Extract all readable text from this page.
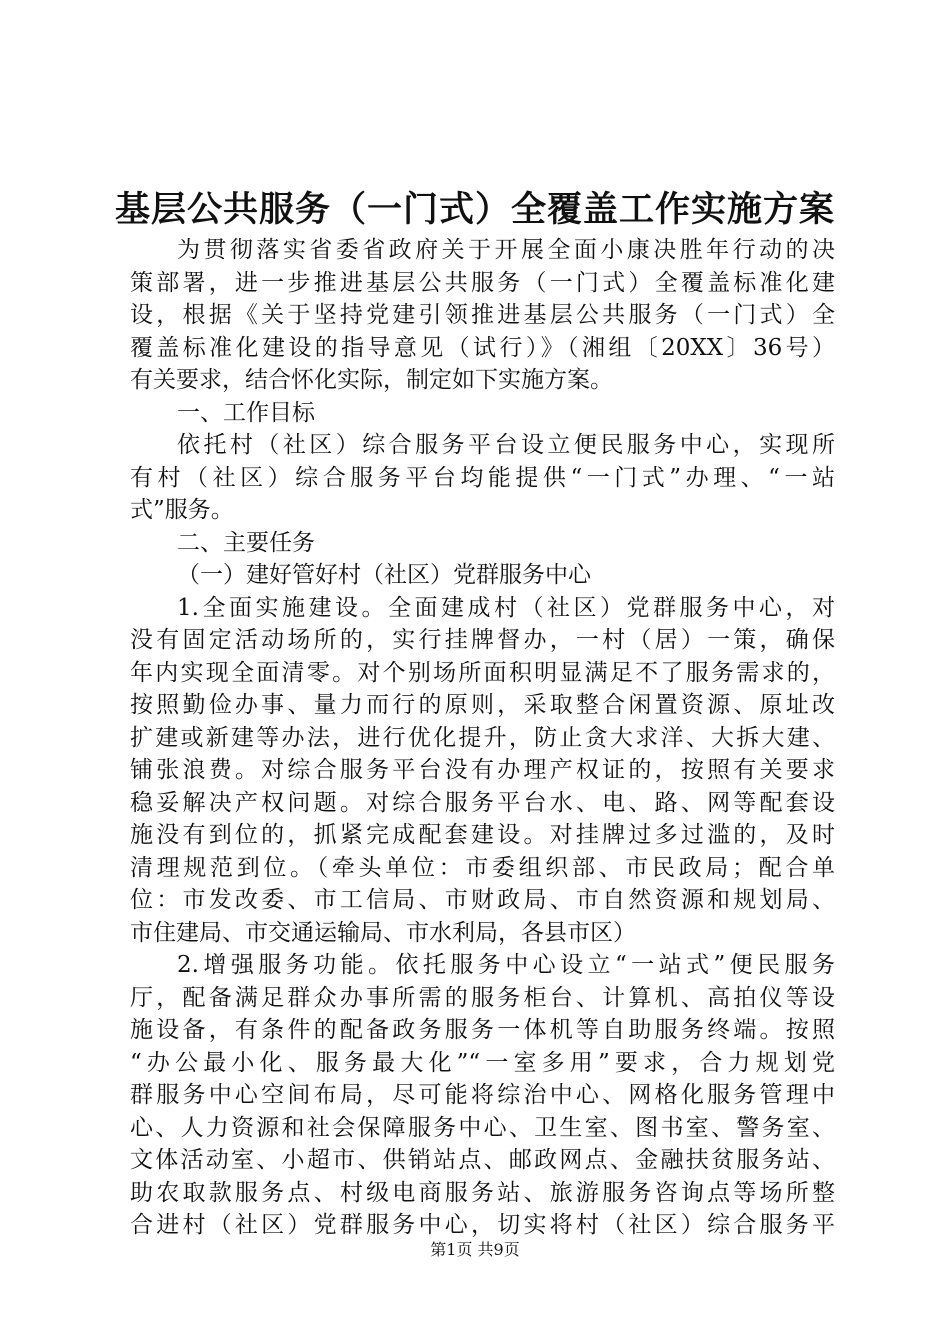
基层公共服务（一门式）全覆盖工作实施方案
为贯彻落实省委省政府关于开展全面小康决胜年行动的决
策部署，进一步推进基层公共服务（一门式）全覆盖标准化建
设，根据《关于坚持党建引领推进基层公共服务（一门式）全
覆盖标准化建设的指导意见（试行）》（湘组〔20XX〕36号）
有关要求，结合怀化实际，制定如下实施方案。
一、工作目标
依托村（社区）综合服务平台设立便民服务中心，实现所
有村（社区）综合服务平台均能提供“一门式”办理、“一站
式”服务。
二、主要任务
（一）建好管好村（社区）党群服务中心
1.全面实施建设。全面建成村（社区）党群服务中心，对
没有固定活动场所的，实行挂牌督办，一村（居）一策，确保
年内实现全面清零。对个别场所面积明显满足不了服务需求的，
按照勤俭办事、量力而行的原则，采取整合闲置资源、原址改
扩建或新建等办法，进行优化提升，防止贪大求洋、大拆大建、
铺张浪费。对综合服务平台没有办理产权证的，按照有关要求
稳妥解决产权问题。对综合服务平台水、电、路、网等配套设
施没有到位的，抓紧完成配套建设。对挂牌过多过滥的，及时
清理规范到位。（牵头单位：市委组织部、市民政局；配合单
位：市发改委、市工信局、市财政局、市自然资源和规划局、
市住建局、市交通运输局、市水利局，各县市区）
2.增强服务功能。依托服务中心设立“一站式”便民服务
厅，配备满足群众办事所需的服务柜台、计算机、高拍仪等设
施设备，有条件的配备政务服务一体机等自助服务终端。按照
“办公最小化、服务最大化”“一室多用”要求，合力规划党
群服务中心空间布局，尽可能将综治中心、网格化服务管理中
心、人力资源和社会保障服务中心、卫生室、图书室、警务室、
文体活动室、小超市、供销站点、邮政网点、金融扶贫服务站、
助农取款服务点、村级电商服务站、旅游服务咨询点等场所整
合进村（社区）党群服务中心，切实将村（社区）综合服务平
第1页 共9页
